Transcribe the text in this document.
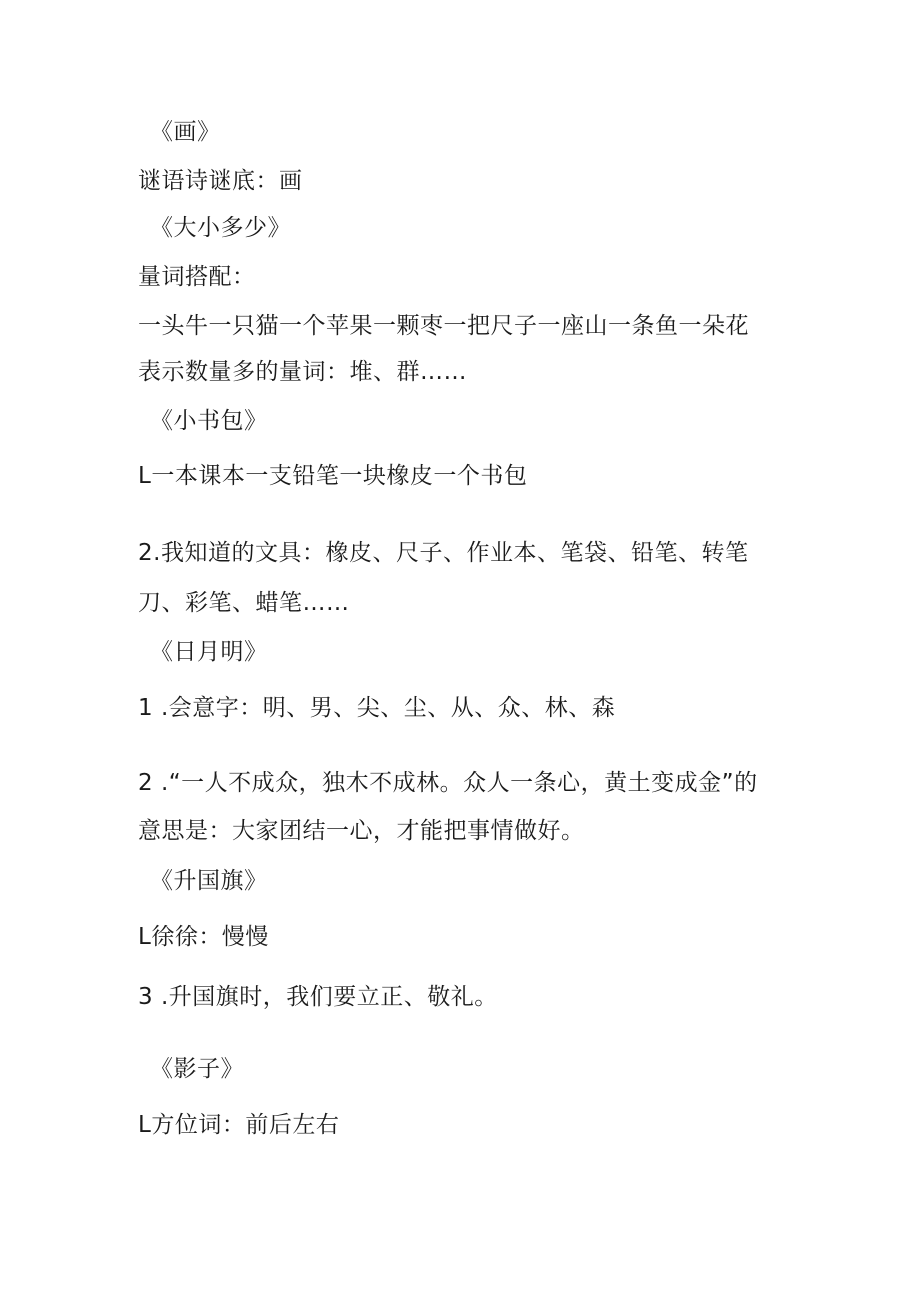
《画》
谜语诗谜底：画
《大小多少》
量词搭配：
一头牛一只猫一个苹果一颗枣一把尺子一座山一条鱼一朵花
表示数量多的量词：堆、群……
《小书包》
L一本课本一支铅笔一块橡皮一个书包
2.我知道的文具：橡皮、尺子、作业本、笔袋、铅笔、转笔
刀、彩笔、蜡笔……
《日月明》
1 .会意字：明、男、尖、尘、从、众、林、森
2 .“一人不成众，独木不成林。众人一条心，黄土变成金”的
意思是：大家团结一心，才能把事情做好。
《升国旗》
L徐徐：慢慢
3 .升国旗时，我们要立正、敬礼。
《影子》
L方位词：前后左右
